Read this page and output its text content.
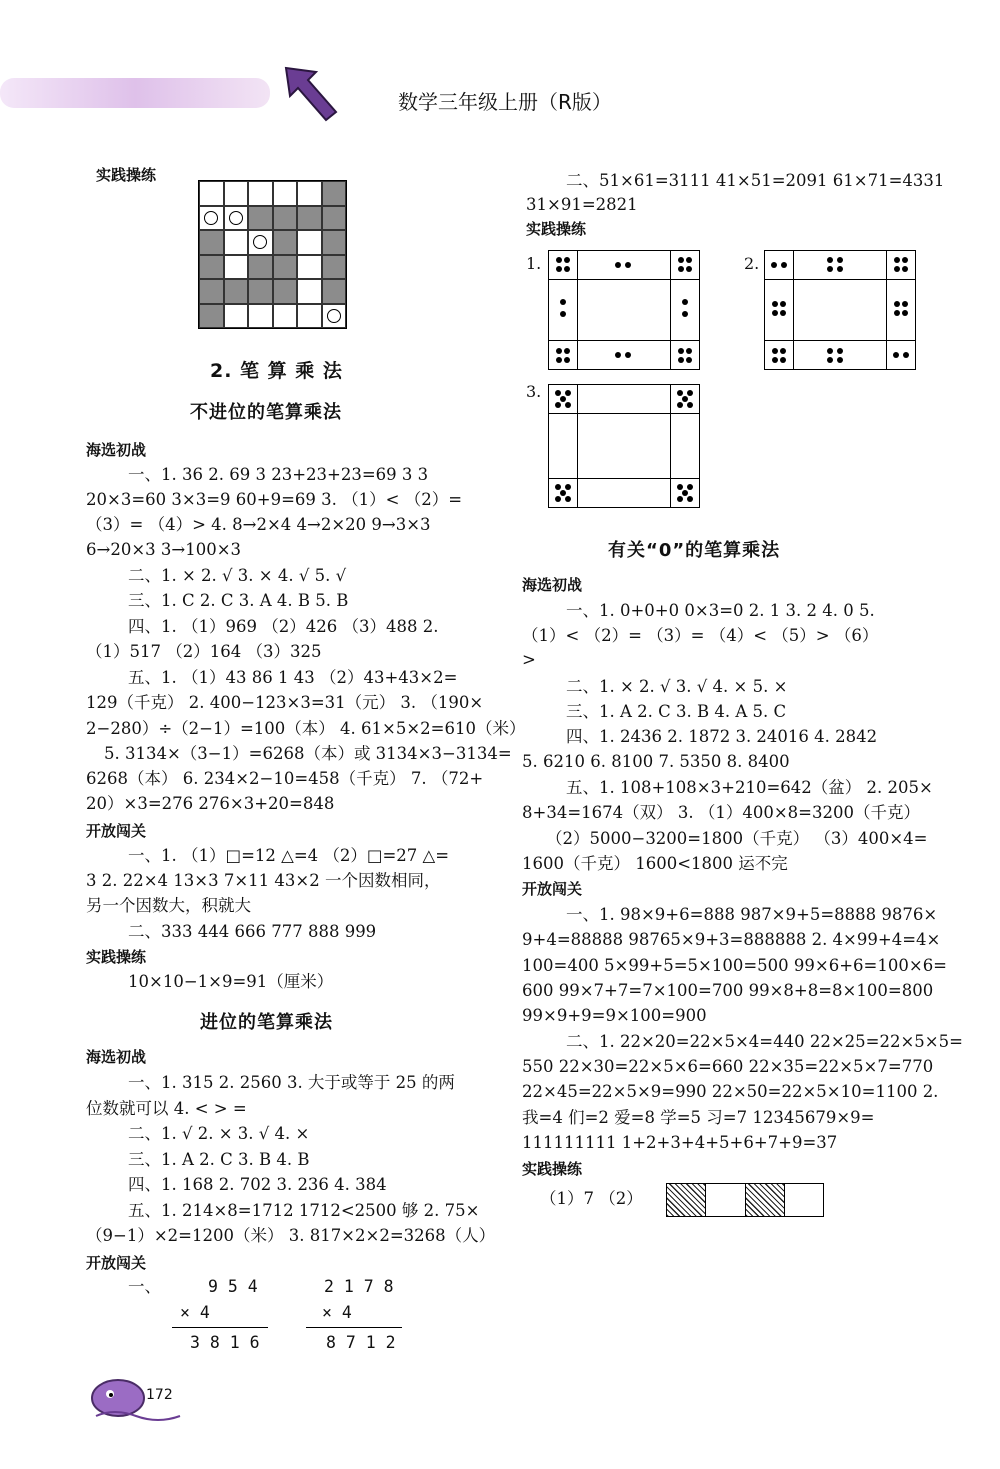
数学三年级上册（R版）
实践操练
2. 笔 算 乘 法
不进位的笔算乘法
海选初战
一、1. 36 2. 69 3 23+23+23=69 3 3
20×3=60 3×3=9 60+9=69 3. （1）< （2）=
（3）= （4）> 4. 8→2×4 4→2×20 9→3×3
6→20×3 3→100×3
二、1. × 2. √ 3. × 4. √ 5. √
三、1. C 2. C 3. A 4. B 5. B
四、1. （1）969 （2）426 （3）488 2.
（1）517 （2）164 （3）325
五、1. （1）43 86 1 43 （2）43+43×2=
129（千克） 2. 400−123×3=31（元） 3. （190×
2−280）÷（2−1）=100（本） 4. 61×5×2=610（米）
5. 3134×（3−1）=6268（本）或 3134×3−3134=
6268（本） 6. 234×2−10=458（千克） 7. （72+
20）×3=276 276×3+20=848
开放闯关
一、1. （1）□=12 △=4 （2）□=27 △=
3 2. 22×4 13×3 7×11 43×2 一个因数相同，
另一个因数大，积就大
二、333 444 666 777 888 999
实践操练
10×10−1×9=91（厘米）
进位的笔算乘法
海选初战
一、1. 315 2. 2560 3. 大于或等于 25 的两
位数就可以 4. < > =
二、1. √ 2. × 3. √ 4. ×
三、1. A 2. C 3. B 4. B
四、1. 168 2. 702 3. 236 4. 384
五、1. 214×8=1712 1712<2500 够 2. 75×
（9−1）×2=1200（米） 3. 817×2×2=3268（人）
开放闯关
一、	9 5 4
× 4
3 8 1 6
2 1 7 8
× 4
8 7 1 2
172
二、51×61=3111 41×51=2091 61×71=4331
31×91=2821
实践操练
1.	2.
3.
有关“0”的笔算乘法
海选初战
一、1. 0+0+0 0×3=0 2. 1 3. 2 4. 0 5.
（1）< （2）= （3）= （4）< （5）> （6）
>
二、1. × 2. √ 3. √ 4. × 5. ×
三、1. A 2. C 3. B 4. A 5. C
四、1. 2436 2. 1872 3. 24016 4. 2842
5. 6210 6. 8100 7. 5350 8. 8400
五、1. 108+108×3+210=642（盆） 2. 205×
8+34=1674（双） 3. （1）400×8=3200（千克）
（2）5000−3200=1800（千克） （3）400×4=
1600（千克） 1600<1800 运不完
开放闯关
一、1. 98×9+6=888 987×9+5=8888 9876×
9+4=88888 98765×9+3=888888 2. 4×99+4=4×
100=400 5×99+5=5×100=500 99×6+6=100×6=
600 99×7+7=7×100=700 99×8+8=8×100=800
99×9+9=9×100=900
二、1. 22×20=22×5×4=440 22×25=22×5×5=
550 22×30=22×5×6=660 22×35=22×5×7=770
22×45=22×5×9=990 22×50=22×5×10=1100 2.
我=4 们=2 爱=8 学=5 习=7 12345679×9=
111111111 1+2+3+4+5+6+7+9=37
实践操练
（1）7 （2）
